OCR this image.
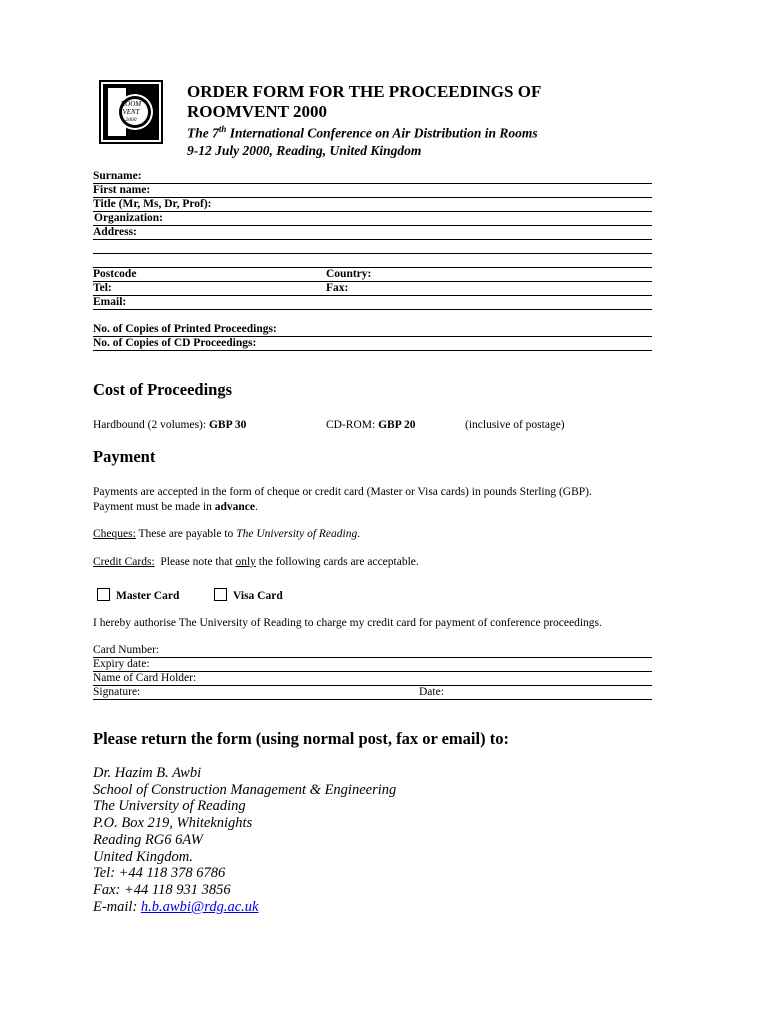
ROOM
VENT
2000
ORDER FORM FOR THE PROCEEDINGS OF
ROOMVENT 2000
The 7th International Conference on Air Distribution in Rooms
9-12 July 2000, Reading, United Kingdom
Surname:
First name:
Title (Mr, Ms, Dr, Prof):
Organization:
Address:
Postcode	Country:
Tel:	Fax:
Email:
No. of Copies of Printed Proceedings:
No. of Copies of CD Proceedings:
Cost of Proceedings
Hardbound (2 volumes): GBP 30	CD-ROM: GBP 20	(inclusive of postage)
Payment
Payments are accepted in the form of cheque or credit card (Master or Visa cards) in pounds Sterling (GBP).
Payment must be made in advance.
Cheques: These are payable to The University of Reading.
Credit Cards:  Please note that only the following cards are acceptable.
Master Card	Visa Card
I hereby authorise The University of Reading to charge my credit card for payment of conference proceedings.
Card Number:
Expiry date:
Name of Card Holder:
Signature:	Date:
Please return the form (using normal post, fax or email) to:
Dr. Hazim B. Awbi
School of Construction Management & Engineering
The University of Reading
P.O. Box 219, Whiteknights
Reading RG6 6AW
United Kingdom.
Tel: +44 118 378 6786
Fax: +44 118 931 3856
E-mail: h.b.awbi@rdg.ac.uk
